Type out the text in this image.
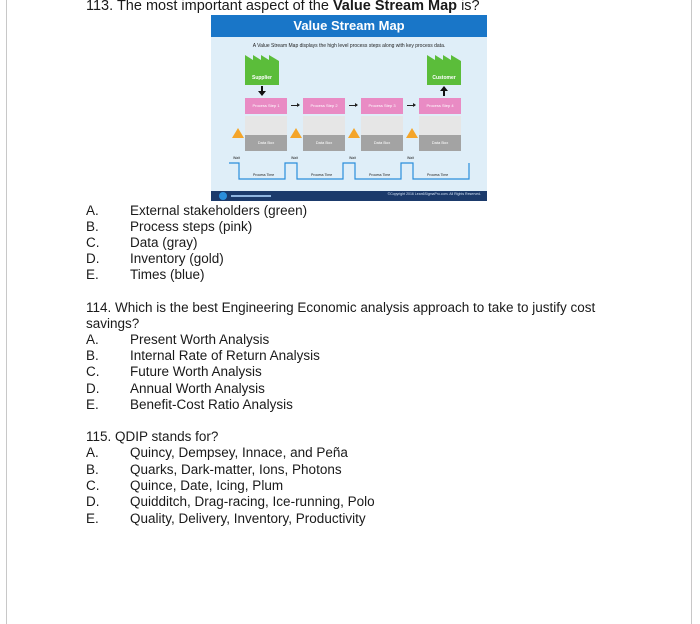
113. The most important aspect of the Value Stream Map is?
Value Stream Map
A Value Stream Map displays the high level process steps along with key process data.
Supplier	Customer
Process Step 1	Process Step 2	Process Step 3	Process Step 4
Data Box	Data Box	Data Box	Data Box
Wait	Wait	Wait	Wait
Process Time	Process Time	Process Time	Process Time
©Copyright 2016 Lean6SigmaPro.com. All Rights Reserved.
A. External stakeholders (green)
B. Process steps (pink)
C. Data (gray)
D. Inventory (gold)
E. Times (blue)
114. Which is the best Engineering Economic analysis approach to take to justify cost savings?
A. Present Worth Analysis
B. Internal Rate of Return Analysis
C. Future Worth Analysis
D. Annual Worth Analysis
E. Benefit-Cost Ratio Analysis
115. QDIP stands for?
A. Quincy, Dempsey, Innace, and Peña
B. Quarks, Dark-matter, Ions, Photons
C. Quince, Date, Icing, Plum
D. Quidditch, Drag-racing, Ice-running, Polo
E. Quality, Delivery, Inventory, Productivity
